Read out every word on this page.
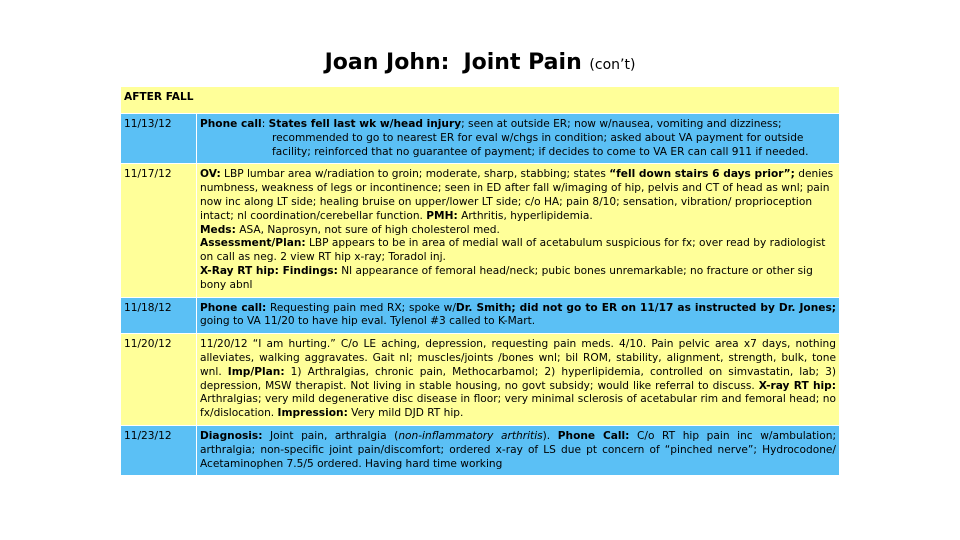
Joan John: Joint Pain (con’t)
AFTER FALL	
11/13/12	Phone call: States fell last wk w/head injury; seen at outside ER; now w/nausea, vomiting and dizziness;
recommended to go to nearest ER for eval w/chgs in condition; asked about VA payment for outside facility; reinforced that no guarantee of payment; if decides to come to VA ER can call 911 if needed.

11/17/12	OV: LBP lumbar area w/radiation to groin; moderate, sharp, stabbing; states “fell down stairs 6 days prior”; denies numbness, weakness of legs or incontinence; seen in ED after fall w/imaging of hip, pelvis and CT of head as wnl; pain now inc along LT side; healing bruise on upper/lower LT side; c/o HA; pain 8/10; sensation, vibration/ proprioception intact; nl coordination/cerebellar function. PMH: Arthritis, hyperlipidemia.
Meds: ASA, Naprosyn, not sure of high cholesterol med.
Assessment/Plan: LBP appears to be in area of medial wall of acetabulum suspicious for fx; over read by radiologist on call as neg. 2 view RT hip x-ray; Toradol inj.
X-Ray RT hip: Findings: Nl appearance of femoral head/neck; pubic bones unremarkable; no fracture or other sig bony abnl

11/18/12	Phone call: Requesting pain med RX; spoke w/Dr. Smith; did not go to ER on 11/17 as instructed by Dr. Jones; going to VA 11/20 to have hip eval. Tylenol #3 called to K-Mart.
11/20/12	11/20/12 “I am hurting.” C/o LE aching, depression, requesting pain meds. 4/10. Pain pelvic area x7 days, nothing alleviates, walking aggravates. Gait nl; muscles/joints /bones wnl; bil ROM, stability, alignment, strength, bulk, tone wnl. Imp/Plan: 1) Arthralgias, chronic pain, Methocarbamol; 2) hyperlipidemia, controlled on simvastatin, lab; 3) depression, MSW therapist. Not living in stable housing, no govt subsidy; would like referral to discuss. X-ray RT hip: Arthralgias; very mild degenerative disc disease in floor; very minimal sclerosis of acetabular rim and femoral head; no fx/dislocation. Impression: Very mild DJD RT hip.
11/23/12	Diagnosis: Joint pain, arthralgia (non-inflammatory arthritis). Phone Call: C/o RT hip pain inc w/ambulation; arthralgia; non-specific joint pain/discomfort; ordered x-ray of LS due pt concern of “pinched nerve”; Hydrocodone/ Acetaminophen 7.5/5 ordered. Having hard time working
